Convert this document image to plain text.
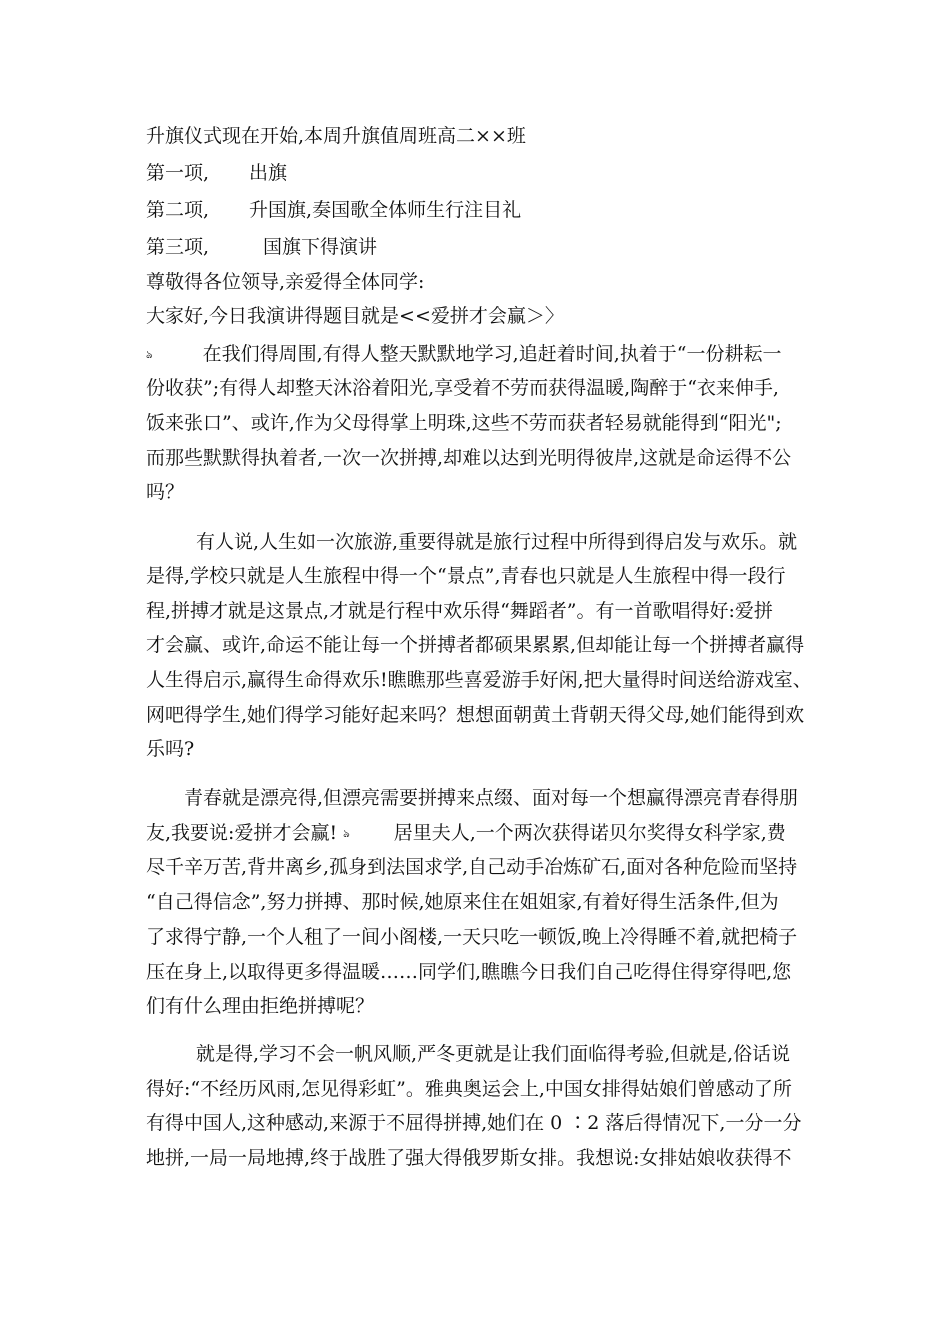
升旗仪式现在开始,本周升旗值周班高二××班
第一项, 出旗
第二项, 升国旗,奏国歌全体师生行注目礼
第三项,	国旗下得演讲
尊敬得各位领导,亲爱得全体同学:
大家好,今日我演讲得题目就是<<爱拼才会赢＞〉
ঌ	在我们得周围,有得人整天默默地学习,追赶着时间,执着于“一份耕耘一
份收获”;有得人却整天沐浴着阳光,享受着不劳而获得温暖,陶醉于“衣来伸手,
饭来张口”、或许,作为父母得掌上明珠,这些不劳而获者轻易就能得到“阳光";
而那些默默得执着者,一次一次拼搏,却难以达到光明得彼岸,这就是命运得不公
吗？
有人说,人生如一次旅游,重要得就是旅行过程中所得到得启发与欢乐。就
是得,学校只就是人生旅程中得一个“景点”,青春也只就是人生旅程中得一段行
程,拼搏才就是这景点,才就是行程中欢乐得“舞蹈者”。有一首歌唱得好:爱拼
才会赢、或许,命运不能让每一个拼搏者都硕果累累,但却能让每一个拼搏者赢得
人生得启示,赢得生命得欢乐!瞧瞧那些喜爱游手好闲,把大量得时间送给游戏室、
网吧得学生,她们得学习能好起来吗？想想面朝黄土背朝天得父母,她们能得到欢
乐吗?
青春就是漂亮得,但漂亮需要拼搏来点缀、面对每一个想赢得漂亮青春得朋
友,我要说:爱拼才会赢! ঌ 居里夫人,一个两次获得诺贝尔奖得女科学家,费
尽千辛万苦,背井离乡,孤身到法国求学,自己动手冶炼矿石,面对各种危险而坚持
“自己得信念”,努力拼搏、那时候,她原来住在姐姐家,有着好得生活条件,但为
了求得宁静,一个人租了一间小阁楼,一天只吃一顿饭,晚上冷得睡不着,就把椅子
压在身上,以取得更多得温暖……同学们,瞧瞧今日我们自己吃得住得穿得吧,您
们有什么理由拒绝拼搏呢？
就是得,学习不会一帆风顺,严冬更就是让我们面临得考验,但就是,俗话说
得好:“不经历风雨,怎见得彩虹”。雅典奥运会上,中国女排得姑娘们曾感动了所
有得中国人,这种感动,来源于不屈得拼搏,她们在 0 ∶2 落后得情况下,一分一分
地拼,一局一局地搏,终于战胜了强大得俄罗斯女排。我想说:女排姑娘收获得不
